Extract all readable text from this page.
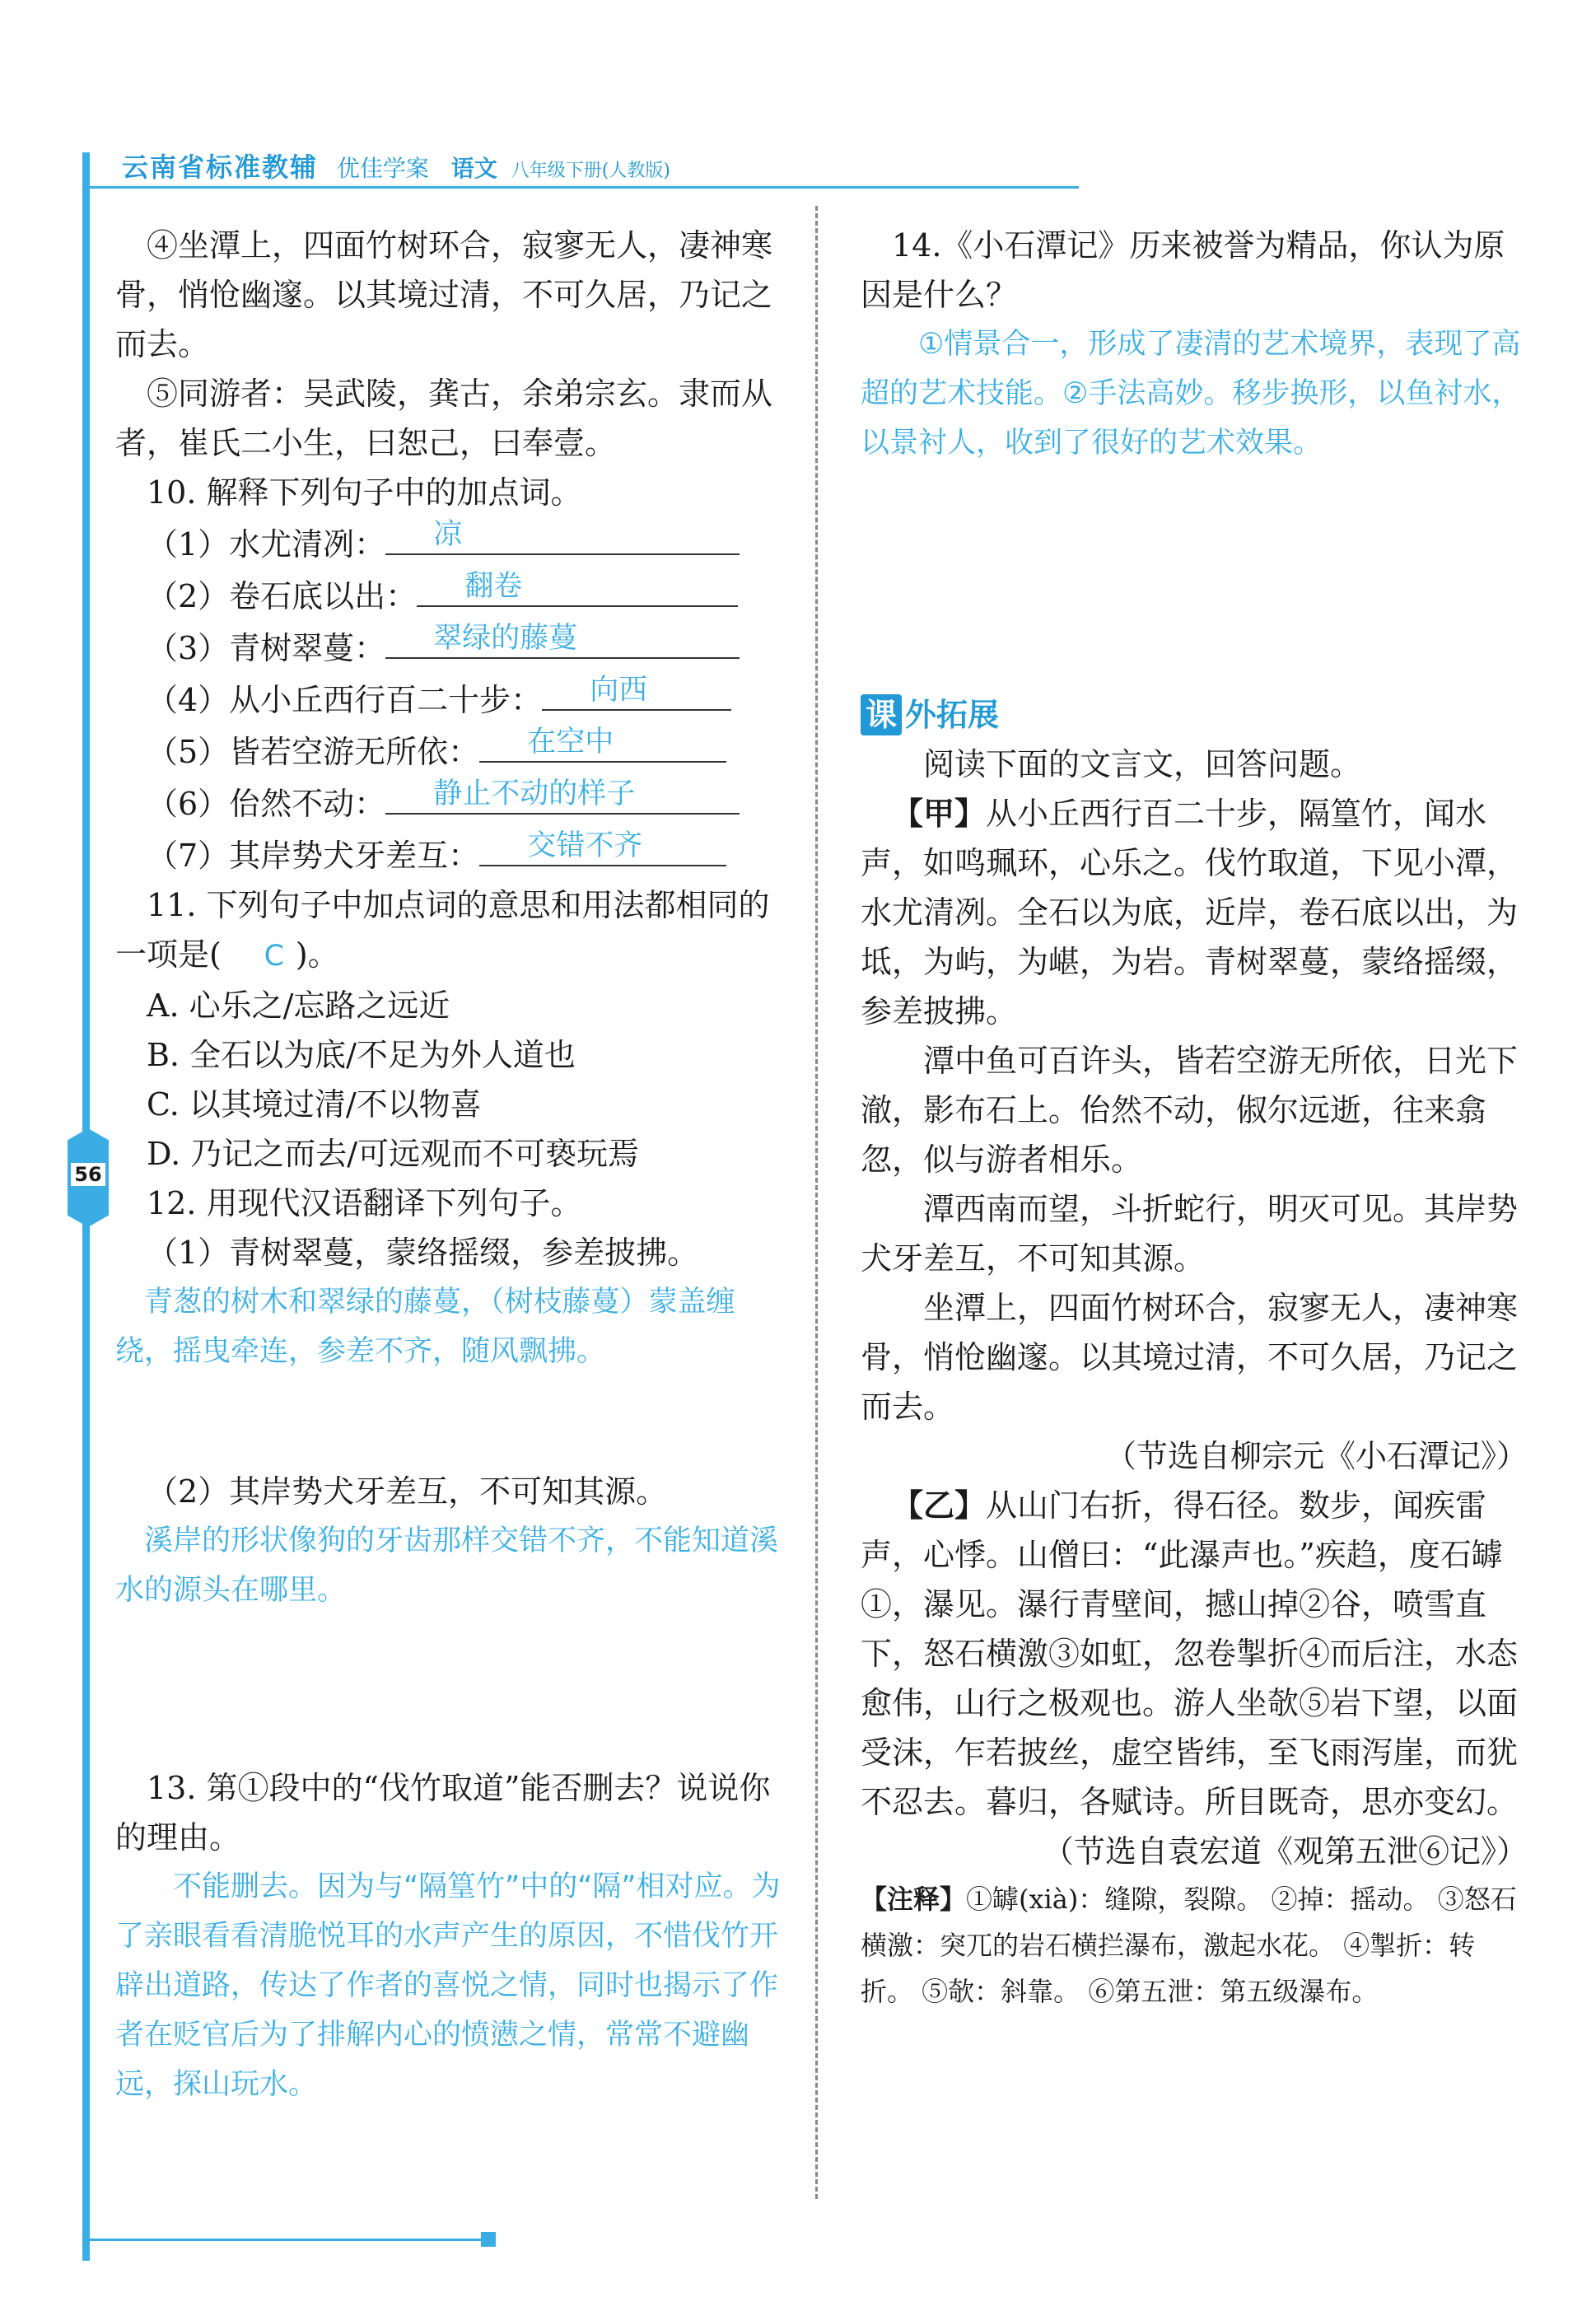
云南省标准教辅 优佳学案 语文 八年级下册(人教版)
56

④坐潭上，四面竹树环合，寂寥无人，凄神寒骨，悄怆幽邃。以其境过清，不可久居，乃记之而去。

⑤同游者：吴武陵，龚古，余弟宗玄。隶而从者，崔氏二小生，曰恕己，曰奉壹。

10. 解释下列句子中的加点词。

（1）水尤清冽：	凉

（2）卷石底以出：	翻卷

（3）青树翠蔓：	翠绿的藤蔓

（4）从小丘西行百二十步：	向西

（5）皆若空游无所依：	在空中

（6）佁然不动：	静止不动的样子

（7）其岸势犬牙差互：	交错不齐

11. 下列句子中加点词的意思和用法都相同的一项是( C )。

A. 心乐之/忘路之远近

B. 全石以为底/不足为外人道也

C. 以其境过清/不以物喜

D. 乃记之而去/可远观而不可亵玩焉

12. 用现代汉语翻译下列句子。

（1）青树翠蔓，蒙络摇缀，参差披拂。

青葱的树木和翠绿的藤蔓，（树枝藤蔓）蒙盖缠绕，摇曳牵连，参差不齐，随风飘拂。

（2）其岸势犬牙差互，不可知其源。

溪岸的形状像狗的牙齿那样交错不齐，不能知道溪水的源头在哪里。

13. 第①段中的“伐竹取道”能否删去？说说你的理由。

不能删去。因为与“隔篁竹”中的“隔”相对应。为了亲眼看看清脆悦耳的水声产生的原因，不惜伐竹开辟出道路，传达了作者的喜悦之情，同时也揭示了作者在贬官后为了排解内心的愤懑之情，常常不避幽远，探山玩水。

14.《小石潭记》历来被誉为精品，你认为原因是什么？

①情景合一，形成了凄清的艺术境界，表现了高超的艺术技能。②手法高妙。移步换形，以鱼衬水，以景衬人，收到了很好的艺术效果。

课 外拓展

阅读下面的文言文，回答问题。

【甲】从小丘西行百二十步，隔篁竹，闻水声，如鸣珮环，心乐之。伐竹取道，下见小潭，水尤清冽。全石以为底，近岸，卷石底以出，为坻，为屿，为嵁，为岩。青树翠蔓，蒙络摇缀，参差披拂。

潭中鱼可百许头，皆若空游无所依，日光下澈，影布石上。佁然不动，俶尔远逝，往来翕忽，似与游者相乐。

潭西南而望，斗折蛇行，明灭可见。其岸势犬牙差互，不可知其源。

坐潭上，四面竹树环合，寂寥无人，凄神寒骨，悄怆幽邃。以其境过清，不可久居，乃记之而去。

（节选自柳宗元《小石潭记》）

【乙】从山门右折，得石径。数步，闻疾雷声，心悸。山僧曰：“此瀑声也。”疾趋，度石罅①，瀑见。瀑行青壁间，撼山掉②谷，喷雪直下，怒石横激③如虹，忽卷掣折④而后注，水态愈伟，山行之极观也。游人坐欹⑤岩下望，以面受沫，乍若披丝，虚空皆纬，至飞雨泻崖，而犹不忍去。暮归，各赋诗。所目既奇，思亦变幻。

（节选自袁宏道《观第五泄⑥记》）

【注释】①罅(xià)：缝隙，裂隙。 ②掉：摇动。 ③怒石横激：突兀的岩石横拦瀑布，激起水花。 ④掣折：转折。 ⑤欹：斜靠。 ⑥第五泄：第五级瀑布。
